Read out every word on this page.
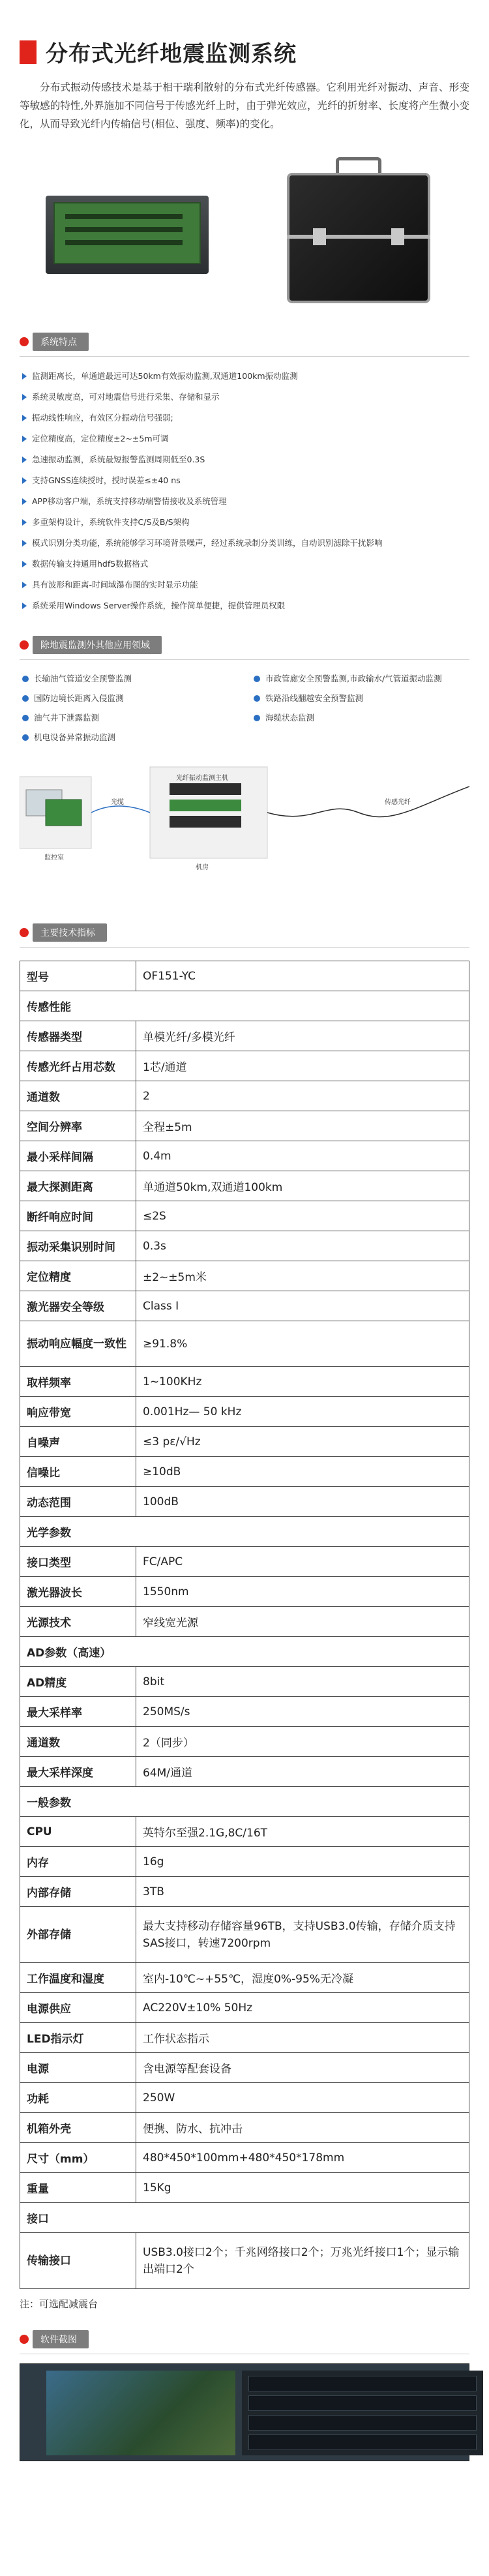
分布式光纤地震监测系统

分布式振动传感技术是基于相干瑞利散射的分布式光纤传感器。它利用光纤对振动、声音、形变等敏感的特性,外界施加不同信号于传感光纤上时，由于弹光效应，光纤的折射率、长度将产生微小变化，从而导致光纤内传输信号(相位、强度、频率)的变化。

系统特点
监测距离长，单通道最远可达50km有效振动监测,双通道100km振动监测
系统灵敏度高，可对地震信号进行采集、存储和显示
振动线性响应，有效区分振动信号强弱;
定位精度高，定位精度±2~±5m可调
急速振动监测，系统最短报警监测周期低至0.3S
支持GNSS连续授时，授时误差≤±40 ns
APP移动客户端，系统支持移动端警情接收及系统管理
多重架构设计，系统软件支持C/S及B/S架构
模式识别分类功能，系统能够学习环境背景噪声，经过系统录制分类训练，自动识别滤除干扰影响
数据传输支持通用hdf5数据格式
具有波形和距离-时间域瀑布图的实时显示功能
系统采用Windows Server操作系统，操作简单便捷，提供管理员权限
除地震监测外其他应用领域
长输油气管道安全预警监测	市政管廊安全预警监测,市政输水/气管道振动监测
国防边境长距离入侵监测	铁路沿线翻越安全预警监测
油气井下泄露监测	海缆状态监测
机电设备异常振动监测
监控室
光缆
光纤振动监测主机
传感光纤
机房
主要技术指标
型号	OF151-YC
传感性能	
传感器类型	单模光纤/多模光纤
传感光纤占用芯数	1芯/通道
通道数	2
空间分辨率	全程±5m
最小采样间隔	0.4m
最大探测距离	单通道50km,双通道100km
断纤响应时间	≤2S
振动采集识别时间	0.3s
定位精度	±2~±5m米
激光器安全等级	Class Ⅰ
振动响应幅度一致性	≥91.8%
取样频率	1~100KHz
响应带宽	0.001Hz— 50 kHz
自噪声	≤3 pε/√Hz
信噪比	≥10dB
动态范围	100dB
光学参数	
接口类型	FC/APC
激光器波长	1550nm
光源技术	窄线宽光源
AD参数（高速）	
AD精度	8bit
最大采样率	250MS/s
通道数	2（同步）
最大采样深度	64M/通道
一般参数	
CPU	英特尔至强2.1G,8C/16T
内存	16g
内部存储	3TB
外部存储	最大支持移动存储容量96TB，支持USB3.0传输，存储介质支持SAS接口，转速7200rpm
工作温度和湿度	室内-10℃~+55℃，湿度0%-95%无冷凝
电源供应	AC220V±10% 50Hz
LED指示灯	工作状态指示
电源	含电源等配套设备
功耗	250W
机箱外壳	便携、防水、抗冲击
尺寸（mm）	480*450*100mm+480*450*178mm
重量	15Kg
接口	
传输接口	USB3.0接口2个；千兆网络接口2个；万兆光纤接口1个；显示输出端口2个

注：可选配减震台

软件截图
